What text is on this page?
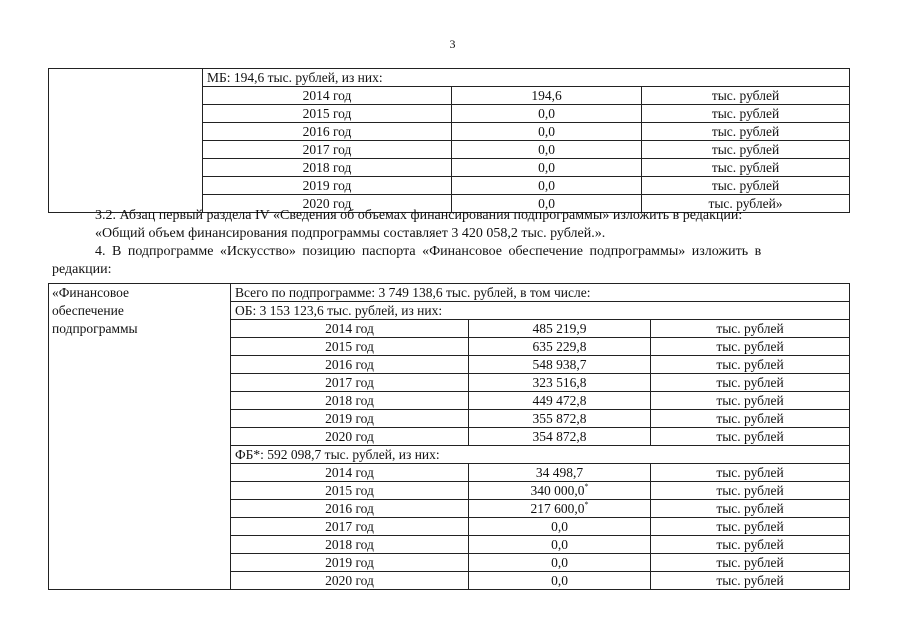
3
	МБ: 194,6 тыс. рублей, из них:		
	2014 год	194,6	тыс. рублей
	2015 год	0,0	тыс. рублей
	2016 год	0,0	тыс. рублей
	2017 год	0,0	тыс. рублей
	2018 год	0,0	тыс. рублей
	2019 год	0,0	тыс. рублей
	2020 год	0,0	тыс. рублей»
3.2. Абзац первый раздела IV «Сведения об объемах финансирования подпрограммы» изложить в редакции:
«Общий объем финансирования подпрограммы составляет 3 420 058,2 тыс. рублей.».
4. В подпрограмме «Искусство» позицию паспорта «Финансовое обеспечение подпрограммы» изложить в
редакции:
«Финансовое
обеспечение
подпрограммы	Всего по подпрограмме: 3 749 138,6 тыс. рублей, в том числе:		
	ОБ: 3 153 123,6 тыс. рублей, из них:		
	2014 год	485 219,9	тыс. рублей
	2015 год	635 229,8	тыс. рублей
	2016 год	548 938,7	тыс. рублей
	2017 год	323 516,8	тыс. рублей
	2018 год	449 472,8	тыс. рублей
	2019 год	355 872,8	тыс. рублей
	2020 год	354 872,8	тыс. рублей
	ФБ*: 592 098,7 тыс. рублей, из них:		
	2014 год	34 498,7	тыс. рублей
	2015 год	340 000,0*	тыс. рублей
	2016 год	217 600,0*	тыс. рублей
	2017 год	0,0	тыс. рублей
	2018 год	0,0	тыс. рублей
	2019 год	0,0	тыс. рублей
	2020 год	0,0	тыс. рублей
